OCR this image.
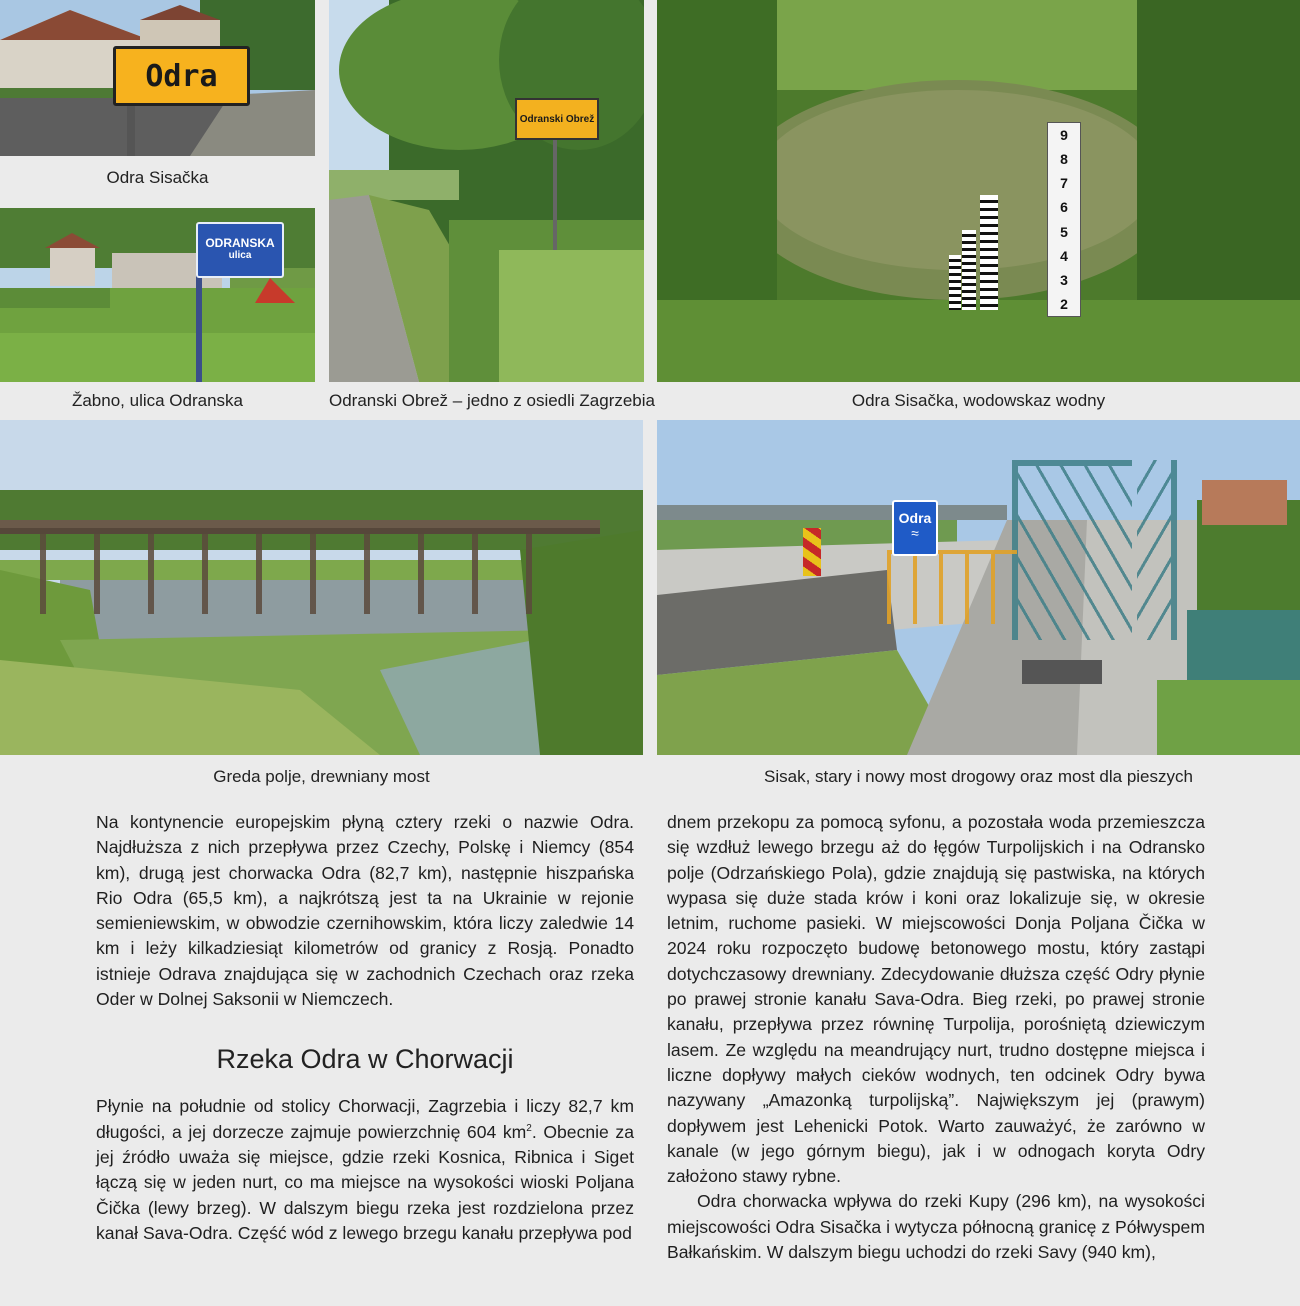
Odra
Odra Sisačka
ODRANSKA
ulica
Žabno, ulica Odranska
Odranski Obrež
Odranski Obrež – jedno z osiedli Zagrzebia
9
8
7
6
5
4
3
2
Odra Sisačka, wodowskaz wodny
Greda polje, drewniany most
Odra
≈
Sisak, stary i nowy most drogowy oraz most dla pieszych

Na kontynencie europejskim płyną cztery rzeki o nazwie Odra. Najdłuższa z nich przepływa przez Czechy, Polskę i Niemcy (854 km), drugą jest chorwacka Odra (82,7 km), następnie hiszpańska Rio Odra (65,5 km), a najkrótszą jest ta na Ukrainie w rejonie semieniewskim, w obwodzie czernihowskim, która liczy zaledwie 14 km i leży kilkadziesiąt kilometrów od granicy z Rosją. Ponadto istnieje Odrava znajdująca się w zachodnich Czechach oraz rzeka Oder w Dolnej Saksonii w Niemczech.

Rzeka Odra w Chorwacji

Płynie na południe od stolicy Chorwacji, Zagrzebia i liczy 82,7 km długości, a jej dorzecze zajmuje powierzchnię 604 $km^2$. Obecnie za jej źródło uważa się miejsce, gdzie rzeki Kosnica, Ribnica i Siget łączą się w jeden nurt, co ma miejsce na wysokości wioski Poljana Čička (lewy brzeg). W dalszym biegu rzeka jest rozdzielona przez kanał Sava-Odra. Część wód z lewego brzegu kanału przepływa pod

dnem przekopu za pomocą syfonu, a pozostała woda przemieszcza się wzdłuż lewego brzegu aż do łęgów Turpolijskich i na Odransko polje (Odrzańskiego Pola), gdzie znajdują się pastwiska, na których wypasa się duże stada krów i koni oraz lokalizuje się, w okresie letnim, ruchome pasieki. W miejscowości Donja Poljana Čička w 2024 roku rozpoczęto budowę betonowego mostu, który zastąpi dotychczasowy drewniany. Zdecydowanie dłuższa część Odry płynie po prawej stronie kanału Sava-Odra. Bieg rzeki, po prawej stronie kanału, przepływa przez równinę Turpolija, porośniętą dziewiczym lasem. Ze względu na meandrujący nurt, trudno dostępne miejsca i liczne dopływy małych cieków wodnych, ten odcinek Odry bywa nazywany „Amazonką turpolijską”. Największym jej (prawym) dopływem jest Lehenicki Potok. Warto zauważyć, że zarówno w kanale (w jego górnym biegu), jak i w odnogach koryta Odry założono stawy rybne.

Odra chorwacka wpływa do rzeki Kupy (296 km), na wysokości miejscowości Odra Sisačka i wytycza północną granicę z Półwyspem Bałkańskim. W dalszym biegu uchodzi do rzeki Savy (940 km),
